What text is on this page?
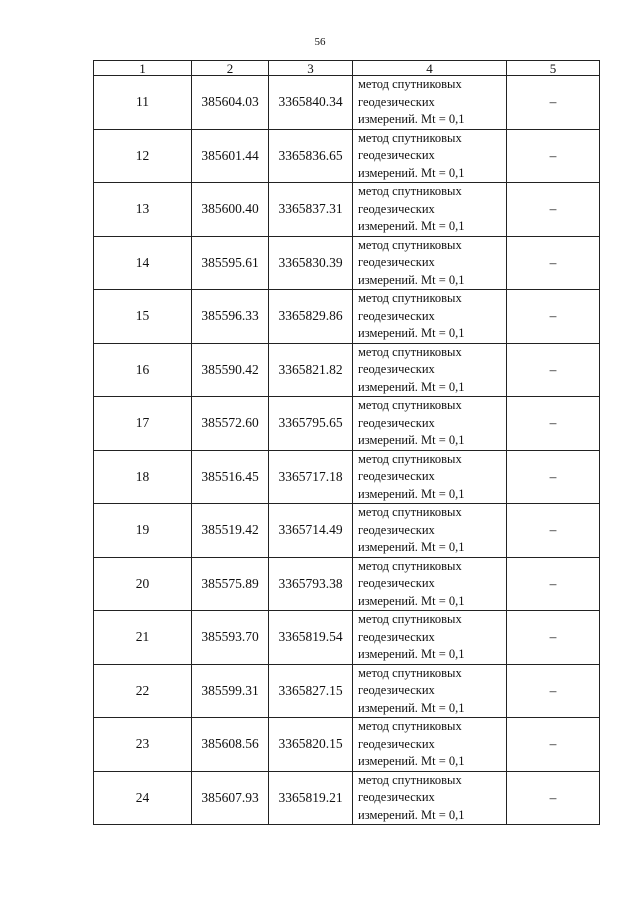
56
1	2	3	4	5
11	385604.03	3365840.34	метод спутниковых
геодезических
измерений. Mt = 0,1	–
12	385601.44	3365836.65	метод спутниковых
геодезических
измерений. Mt = 0,1	–
13	385600.40	3365837.31	метод спутниковых
геодезических
измерений. Mt = 0,1	–
14	385595.61	3365830.39	метод спутниковых
геодезических
измерений. Mt = 0,1	–
15	385596.33	3365829.86	метод спутниковых
геодезических
измерений. Mt = 0,1	–
16	385590.42	3365821.82	метод спутниковых
геодезических
измерений. Mt = 0,1	–
17	385572.60	3365795.65	метод спутниковых
геодезических
измерений. Mt = 0,1	–
18	385516.45	3365717.18	метод спутниковых
геодезических
измерений. Mt = 0,1	–
19	385519.42	3365714.49	метод спутниковых
геодезических
измерений. Mt = 0,1	–
20	385575.89	3365793.38	метод спутниковых
геодезических
измерений. Mt = 0,1	–
21	385593.70	3365819.54	метод спутниковых
геодезических
измерений. Mt = 0,1	–
22	385599.31	3365827.15	метод спутниковых
геодезических
измерений. Mt = 0,1	–
23	385608.56	3365820.15	метод спутниковых
геодезических
измерений. Mt = 0,1	–
24	385607.93	3365819.21	метод спутниковых
геодезических
измерений. Mt = 0,1	–
